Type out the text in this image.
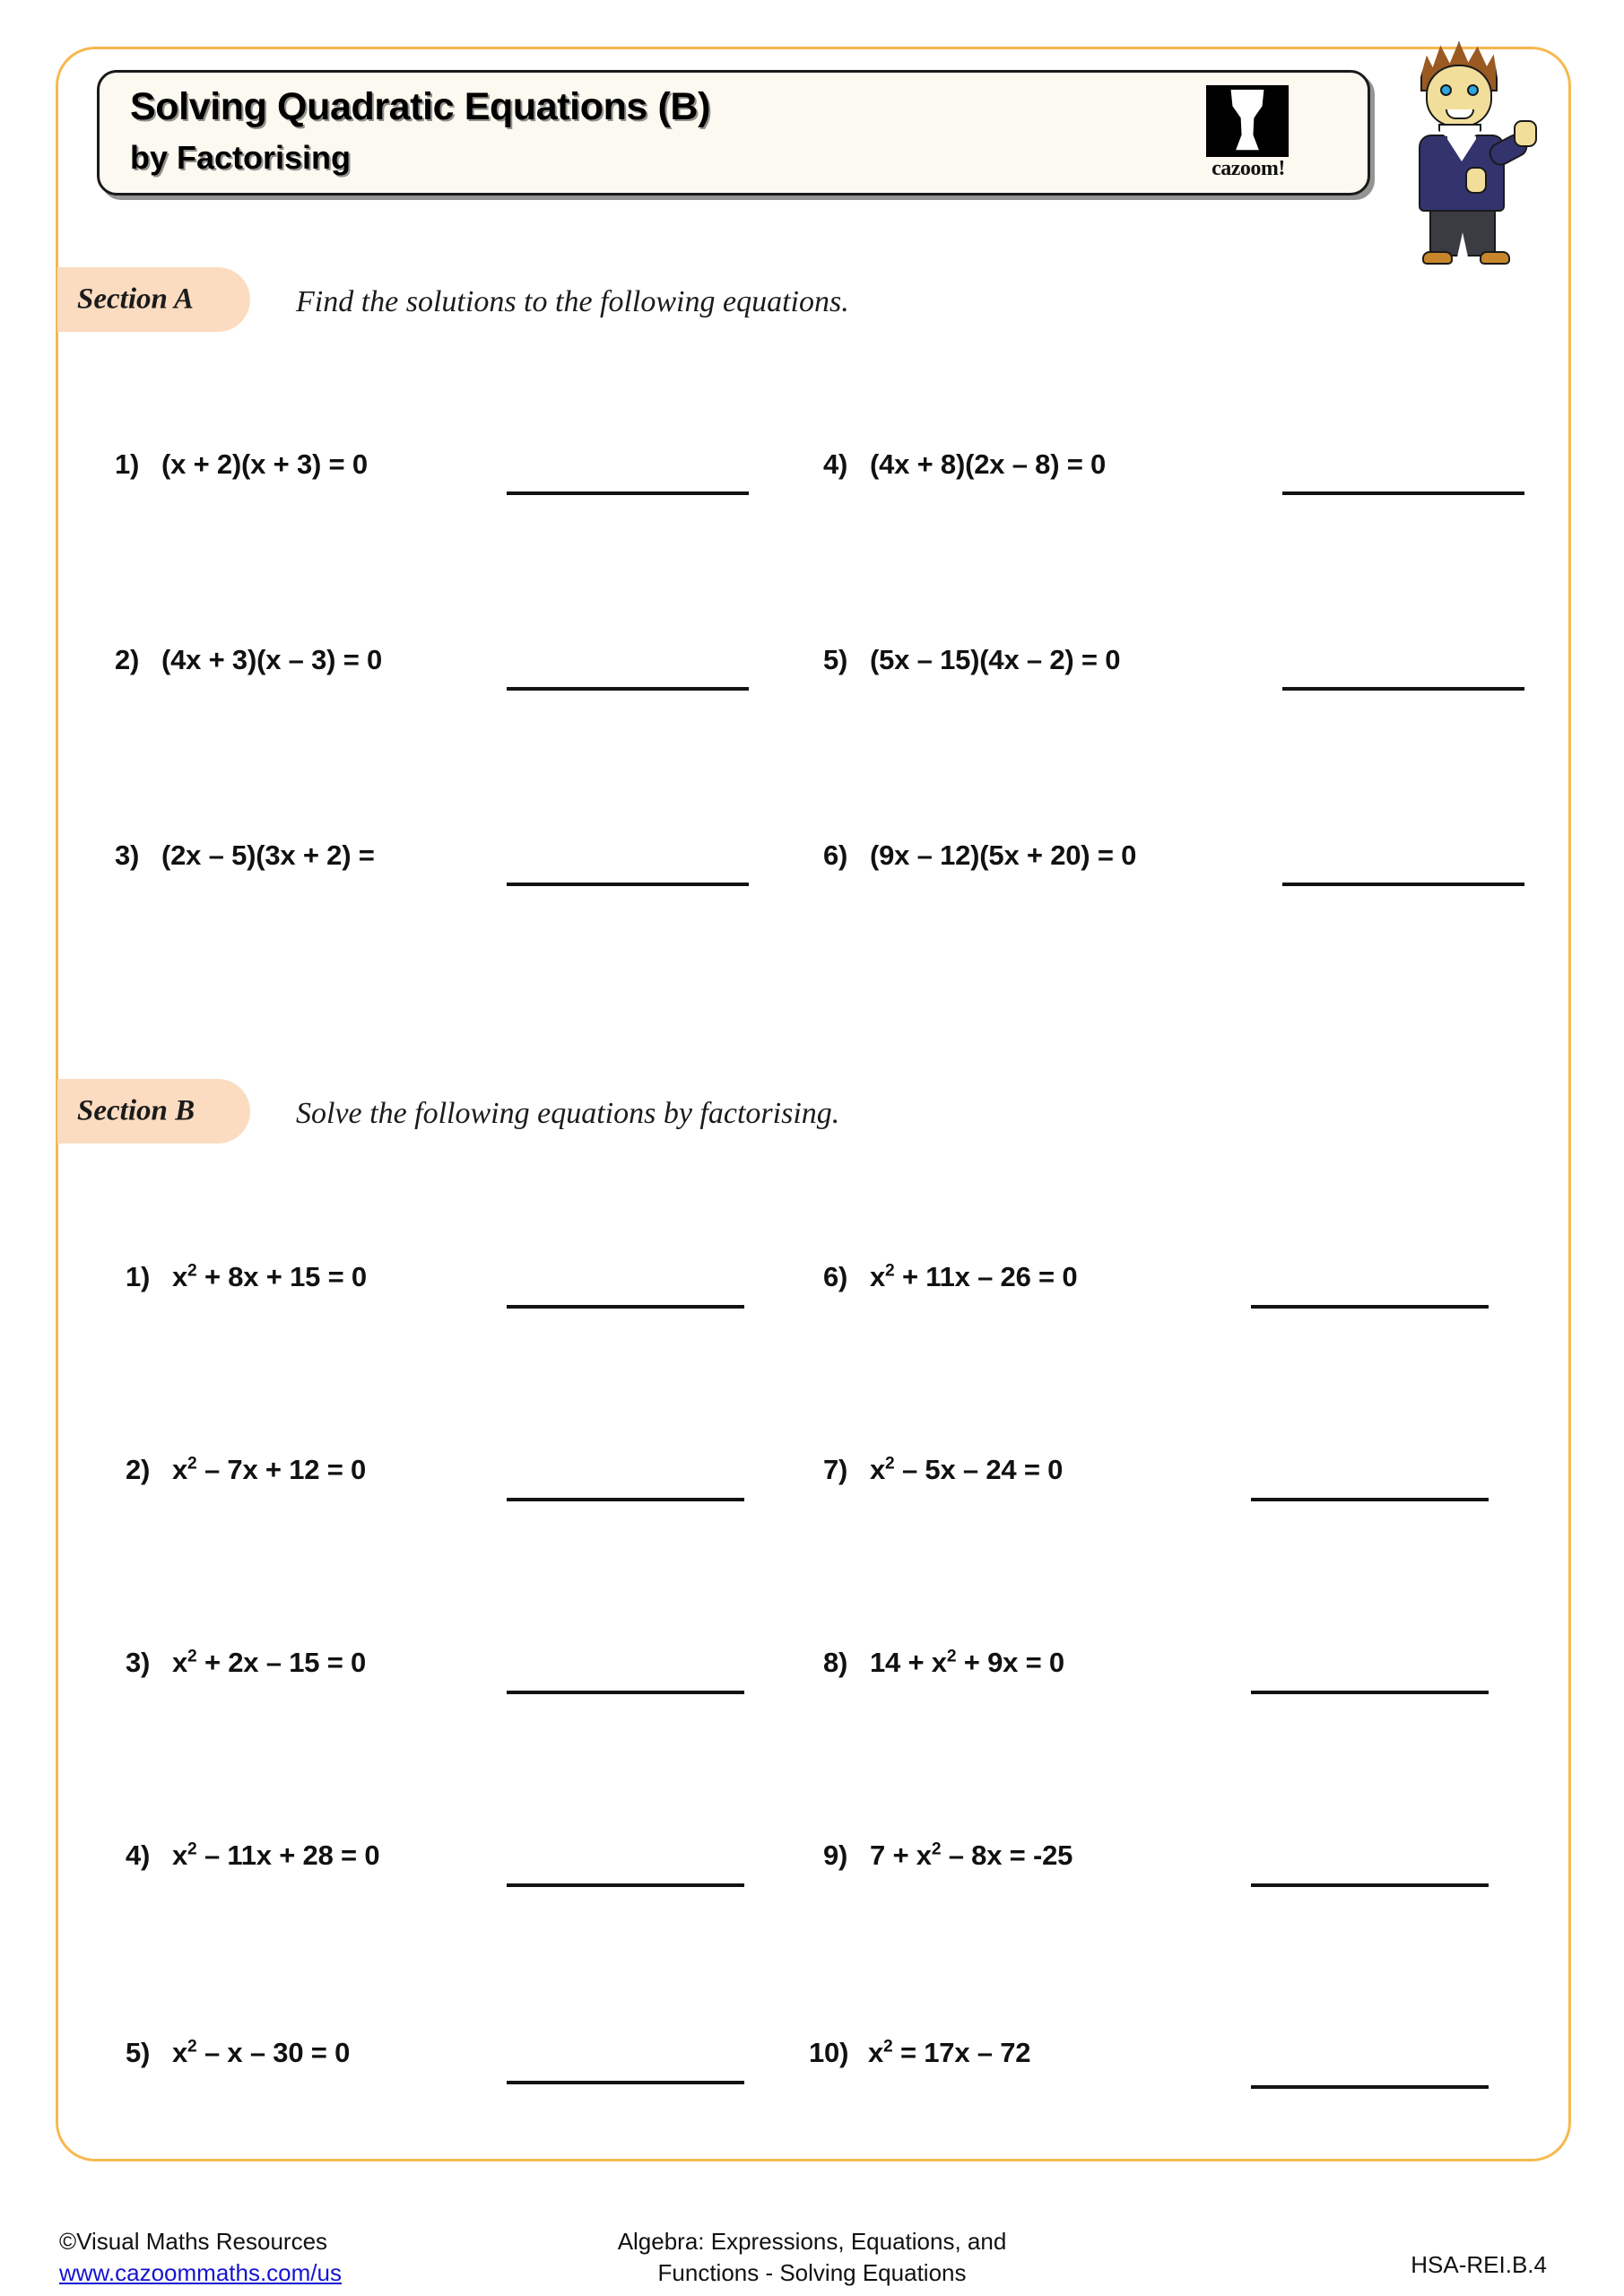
Solving Quadratic Equations (B)
by Factorising	cazoom!
Section A	Find the solutions to the following equations.
1) (x + 2)(x + 3) = 0
2) (4x + 3)(x – 3) = 0
3) (2x – 5)(3x + 2) =
4) (4x + 8)(2x – 8) = 0
5) (5x – 15)(4x – 2) = 0
6) (9x – 12)(5x + 20) = 0
Section B	Solve the following equations by factorising.
1) $x^2 + 8x + 15 = 0$
2) $x^2 - 7x + 12 = 0$
3) $x^2 + 2x - 15 = 0$
4) $x^2 - 11x + 28 = 0$
5) $x^2 - x - 30 = 0$
6) $x^2 + 11x - 26 = 0$
7) $x^2 - 5x - 24 = 0$
8) $14 + x^2 + 9x = 0$
9) $7 + x^2 - 8x = -25$
10) $x^2 = 17x - 72$
©Visual Maths Resources
www.cazoommaths.com/us
Algebra: Expressions, Equations, and
Functions - Solving Equations	HSA-REI.B.4
